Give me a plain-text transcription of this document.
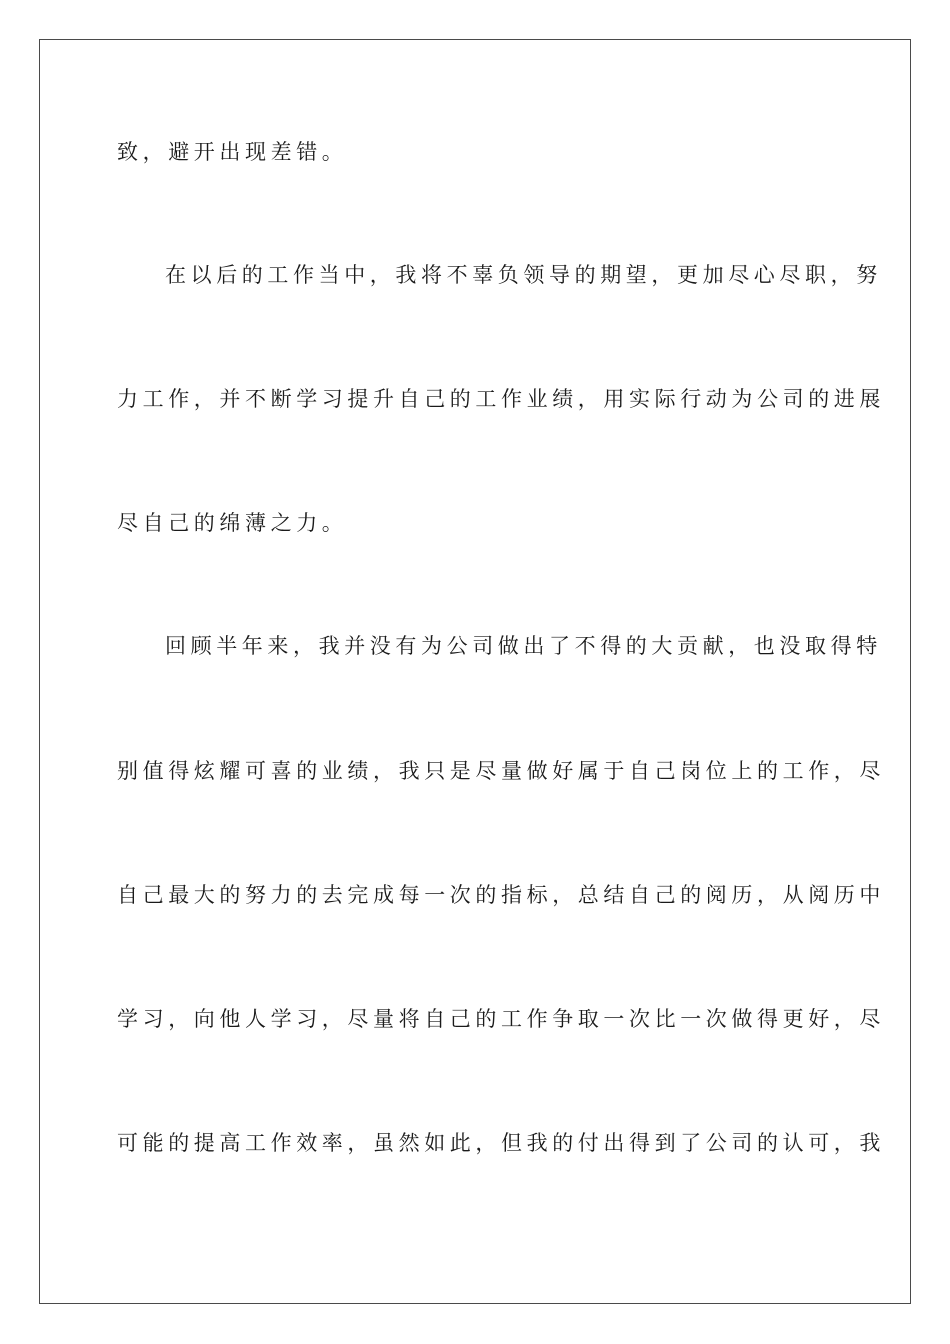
致，避开出现差错。
在以后的工作当中，我将不辜负领导的期望，更加尽心尽职，努
力工作，并不断学习提升自己的工作业绩，用实际行动为公司的进展
尽自己的绵薄之力。
回顾半年来，我并没有为公司做出了不得的大贡献，也没取得特
别值得炫耀可喜的业绩，我只是尽量做好属于自己岗位上的工作，尽
自己最大的努力的去完成每一次的指标，总结自己的阅历，从阅历中
学习，向他人学习，尽量将自己的工作争取一次比一次做得更好，尽
可能的提高工作效率，虽然如此，但我的付出得到了公司的认可，我
